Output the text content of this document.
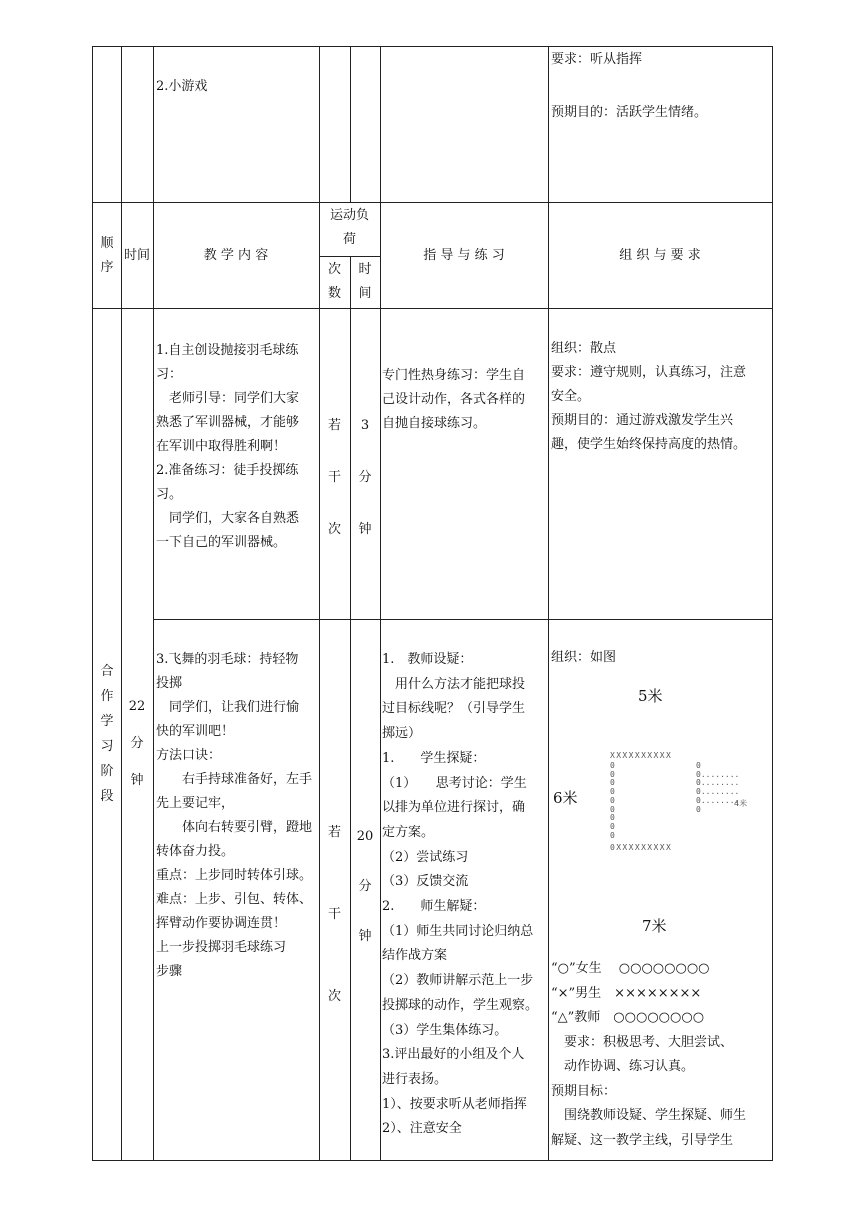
2.小游戏
要求：听从指挥
预期目的：活跃学生情绪。
顺
序
时间	教 学 内 容
运动负
荷
次
数
时
间
指 导 与 练 习	组 织 与 要 求
合
作
学
习
阶
段
22
分
钟
1.自主创设抛接羽毛球练
习：
　老师引导：同学们大家
熟悉了军训器械，才能够
在军训中取得胜利啊！
2.准备练习：徒手投掷练
习。
　同学们，大家各自熟悉
一下自己的军训器械。
若
干
次
3
分
钟
专门性热身练习：学生自
己设计动作，各式各样的
自抛自接球练习。
组织：散点
要求：遵守规则，认真练习，注意
安全。
预期目的：通过游戏激发学生兴
趣，使学生始终保持高度的热情。
3.飞舞的羽毛球：持轻物
投掷
　同学们，让我们进行愉
快的军训吧！
方法口诀：
　　右手持球准备好，左手
先上要记牢，
　　体向右转要引臂，蹬地
转体奋力投。
重点：上步同时转体引球。
难点：上步、引包、转体、
挥臂动作要协调连贯！
上一步投掷羽毛球练习
步骤
若
干
次
20
分
钟
1.　教师设疑：
　用什么方法才能把球投
过目标线呢？（引导学生
掷远）
1.　　学生探疑：
（1）　　思考讨论：学生
以排为单位进行探讨，确
定方案。
（2）尝试练习
（3）反馈交流
2.　　师生解疑：
（1）师生共同讨论归纳总
结作战方案
（2）教师讲解示范上一步
投掷球的动作，学生观察。
（3）学生集体练习。
3.评出最好的小组及个人
进行表扬。
1）、按要求听从老师指挥
2）、注意安全
组织：如图
5米
6米
7米
XXXXXXXXXX
0
0
0
0
0
0
0
0
0
0
0........
0........
0........
0........
0
0XXXXXXXXX
4米
“○”女生　 ○○○○○○○○
“×”男生　××××××××
“△”教师　○○○○○○○○
　要求：积极思考、大胆尝试、
　动作协调、练习认真。
预期目标：
　围绕教师设疑、学生探疑、师生
解疑、这一教学主线，引导学生
